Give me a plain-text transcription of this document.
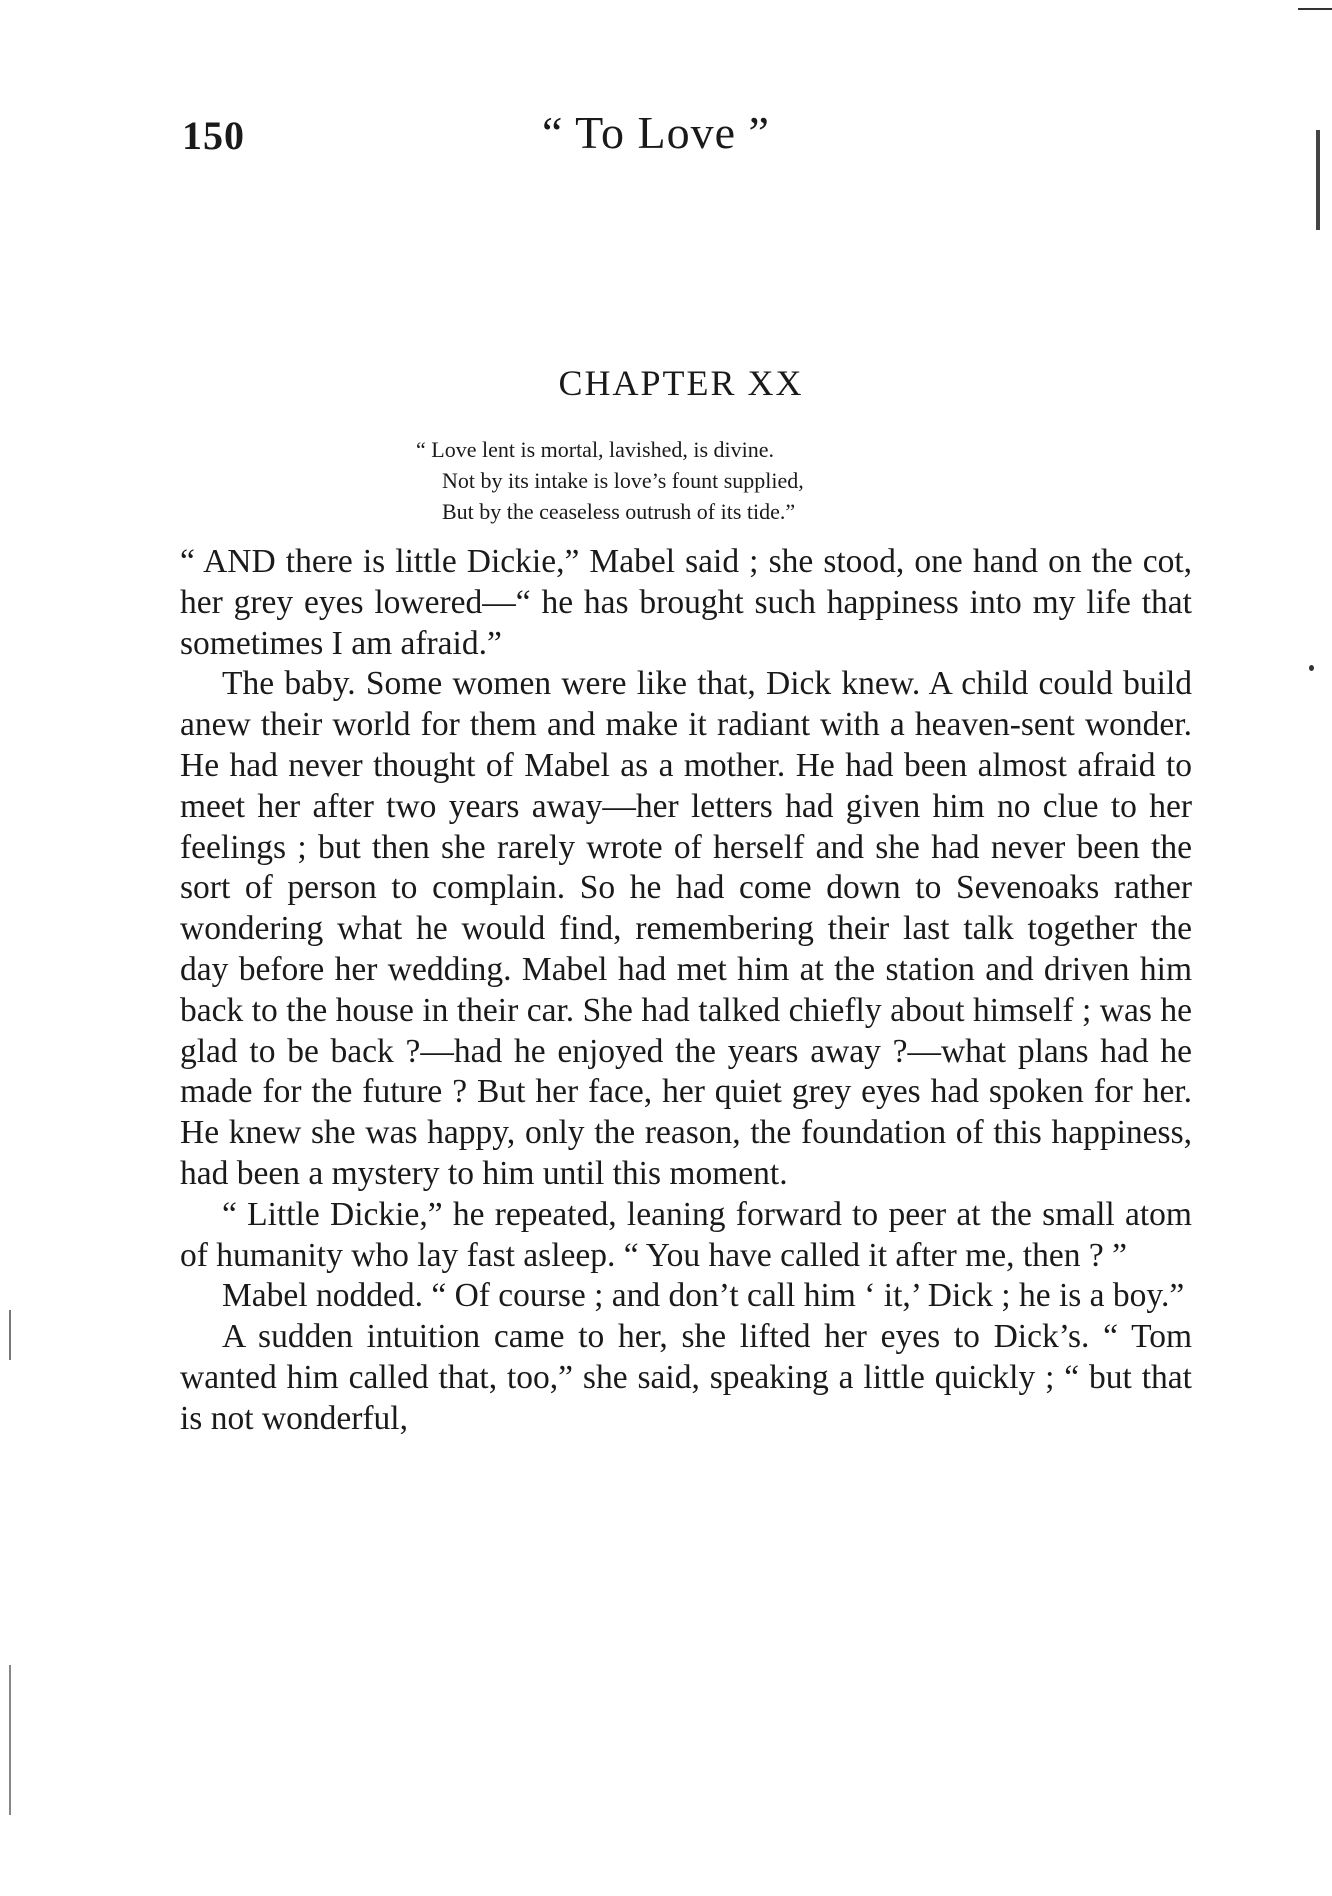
150	“ To Love ”
CHAPTER XX
“ Love lent is mortal, lavished, is divine.
Not by its intake is love’s fount supplied,
But by the ceaseless outrush of its tide.”

“ AND there is little Dickie,” Mabel said ; she stood, one hand on the cot, her grey eyes lowered—“ he has brought such happiness into my life that sometimes I am afraid.”

The baby. Some women were like that, Dick knew. A child could build anew their world for them and make it radiant with a heaven-sent wonder. He had never thought of Mabel as a mother. He had been almost afraid to meet her after two years away—her letters had given him no clue to her feelings ; but then she rarely wrote of herself and she had never been the sort of person to complain. So he had come down to Sevenoaks rather wondering what he would find, remembering their last talk together the day before her wedding. Mabel had met him at the station and driven him back to the house in their car. She had talked chiefly about himself ; was he glad to be back ?—had he enjoyed the years away ?—what plans had he made for the future ? But her face, her quiet grey eyes had spoken for her. He knew she was happy, only the reason, the foundation of this happiness, had been a mystery to him until this moment.

“ Little Dickie,” he repeated, leaning forward to peer at the small atom of humanity who lay fast asleep. “ You have called it after me, then ? ”

Mabel nodded. “ Of course ; and don’t call him ‘ it,’ Dick ; he is a boy.”

A sudden intuition came to her, she lifted her eyes to Dick’s. “ Tom wanted him called that, too,” she said, speaking a little quickly ; “ but that is not wonderful,
